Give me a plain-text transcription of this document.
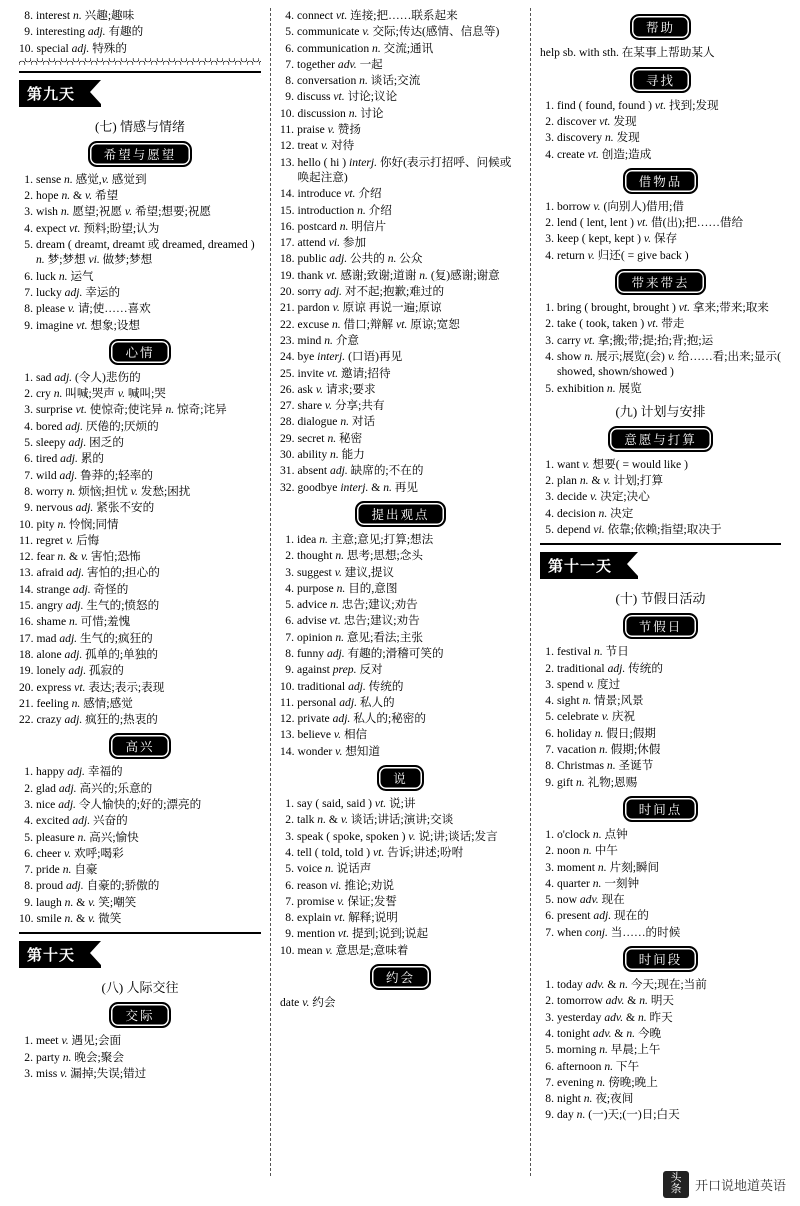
8. interest n. 兴趣;趣味
9. interesting adj. 有趣的
10. special adj. 特殊的
第九天
(七) 情感与情绪
希望与愿望
1. sense n. 感觉,v. 感觉到
2. hope n. & v. 希望
3. wish n. 愿望;祝愿 v. 希望;想要;祝愿
4. expect vt. 预料;盼望;认为
5. dream ( dreamt, dreamt 或 dreamed, dreamed ) n. 梦;梦想 vi. 做梦;梦想
6. luck n. 运气
7. lucky adj. 幸运的
8. please v. 请;使……喜欢
9. imagine vt. 想象;设想
心情
1. sad adj. (令人)悲伤的
2. cry n. 叫喊;哭声 v. 喊叫;哭
3. surprise vt. 使惊奇;使诧异 n. 惊奇;诧异
4. bored adj. 厌倦的;厌烦的
5. sleepy adj. 困乏的
6. tired adj. 累的
7. wild adj. 鲁莽的;轻率的
8. worry n. 烦恼;担忧 v. 发愁;困扰
9. nervous adj. 紧张不安的
10. pity n. 怜悯;同情
11. regret v. 后悔
12. fear n. & v. 害怕;恐怖
13. afraid adj. 害怕的;担心的
14. strange adj. 奇怪的
15. angry adj. 生气的;愤怒的
16. shame n. 可惜;羞愧
17. mad adj. 生气的;疯狂的
18. alone adj. 孤单的;单独的
19. lonely adj. 孤寂的
20. express vt. 表达;表示;表现
21. feeling n. 感情;感觉
22. crazy adj. 疯狂的;热衷的
高兴
1. happy adj. 幸福的
2. glad adj. 高兴的;乐意的
3. nice adj. 令人愉快的;好的;漂亮的
4. excited adj. 兴奋的
5. pleasure n. 高兴;愉快
6. cheer v. 欢呼;喝彩
7. pride n. 自豪
8. proud adj. 自豪的;骄傲的
9. laugh n. & v. 笑;嘲笑
10. smile n. & v. 微笑
第十天
(八) 人际交往
交际
1. meet v. 遇见;会面
2. party n. 晚会;聚会
3. miss v. 漏掉;失误;错过
4. connect vt. 连接;把……联系起来
5. communicate v. 交际;传达(感情、信息等)
6. communication n. 交流;通讯
7. together adv. 一起
8. conversation n. 谈话;交流
9. discuss vt. 讨论;议论
10. discussion n. 讨论
11. praise v. 赞扬
12. treat v. 对待
13. hello ( hi ) interj. 你好(表示打招呼、问候或唤起注意)
14. introduce vt. 介绍
15. introduction n. 介绍
16. postcard n. 明信片
17. attend vi. 参加
18. public adj. 公共的 n. 公众
19. thank vt. 感谢;致谢;道谢 n. (复)感谢;谢意
20. sorry adj. 对不起;抱歉;难过的
21. pardon v. 原谅 再说一遍;原谅
22. excuse n. 借口;辩解 vt. 原谅;宽恕
23. mind n. 介意
24. bye interj. (口语)再见
25. invite vt. 邀请;招待
26. ask v. 请求;要求
27. share v. 分享;共有
28. dialogue n. 对话
29. secret n. 秘密
30. ability n. 能力
31. absent adj. 缺席的;不在的
32. goodbye interj. & n. 再见
提出观点
1. idea n. 主意;意见;打算;想法
2. thought n. 思考;思想;念头
3. suggest v. 建议,提议
4. purpose n. 目的,意图
5. advice n. 忠告;建议;劝告
6. advise vt. 忠告;建议;劝告
7. opinion n. 意见;看法;主张
8. funny adj. 有趣的;滑稽可笑的
9. against prep. 反对
10. traditional adj. 传统的
11. personal adj. 私人的
12. private adj. 私人的;秘密的
13. believe v. 相信
14. wonder v. 想知道
说
1. say ( said, said ) vt. 说;讲
2. talk n. & v. 谈话;讲话;演讲;交谈
3. speak ( spoke, spoken ) v. 说;讲;谈话;发言
4. tell ( told, told ) vt. 告诉;讲述;吩咐
5. voice n. 说话声
6. reason vi. 推论;劝说
7. promise v. 保证;发誓
8. explain vt. 解释;说明
9. mention vt. 提到;说到;说起
10. mean v. 意思是;意味着
约会
date v. 约会
帮助
help sb. with sth. 在某事上帮助某人
寻找
1. find ( found, found ) vt. 找到;发现
2. discover vt. 发现
3. discovery n. 发现
4. create vt. 创造;造成
借物品
1. borrow v. (向别人)借用;借
2. lend ( lent, lent ) vt. 借(出);把……借给
3. keep ( kept, kept ) v. 保存
4. return v. 归还( = give back )
带来带去
1. bring ( brought, brought ) vt. 拿来;带来;取来
2. take ( took, taken ) vt. 带走
3. carry vt. 拿;搬;带;提;抬;背;抱;运
4. show n. 展示;展览(会) v. 给……看;出来;显示( showed, shown/showed )
5. exhibition n. 展览
(九) 计划与安排
意愿与打算
1. want v. 想要( = would like )
2. plan n. & v. 计划;打算
3. decide v. 决定;决心
4. decision n. 决定
5. depend vi. 依靠;依赖;指望;取决于
第十一天
(十) 节假日活动
节假日
1. festival n. 节日
2. traditional adj. 传统的
3. spend v. 度过
4. sight n. 情景;风景
5. celebrate v. 庆祝
6. holiday n. 假日;假期
7. vacation n. 假期;休假
8. Christmas n. 圣诞节
9. gift n. 礼物;恩赐
时间点
1. o'clock n. 点钟
2. noon n. 中午
3. moment n. 片刻;瞬间
4. quarter n. 一刻钟
5. now adv. 现在
6. present adj. 现在的
7. when conj. 当……的时候
时间段
1. today adv. & n. 今天;现在;当前
2. tomorrow adv. & n. 明天
3. yesterday adv. & n. 昨天
4. tonight adv. & n. 今晚
5. morning n. 早晨;上午
6. afternoon n. 下午
7. evening n. 傍晚;晚上
8. night n. 夜;夜间
9. day n. (一)天;(一)日;白天
头条	开口说地道英语
